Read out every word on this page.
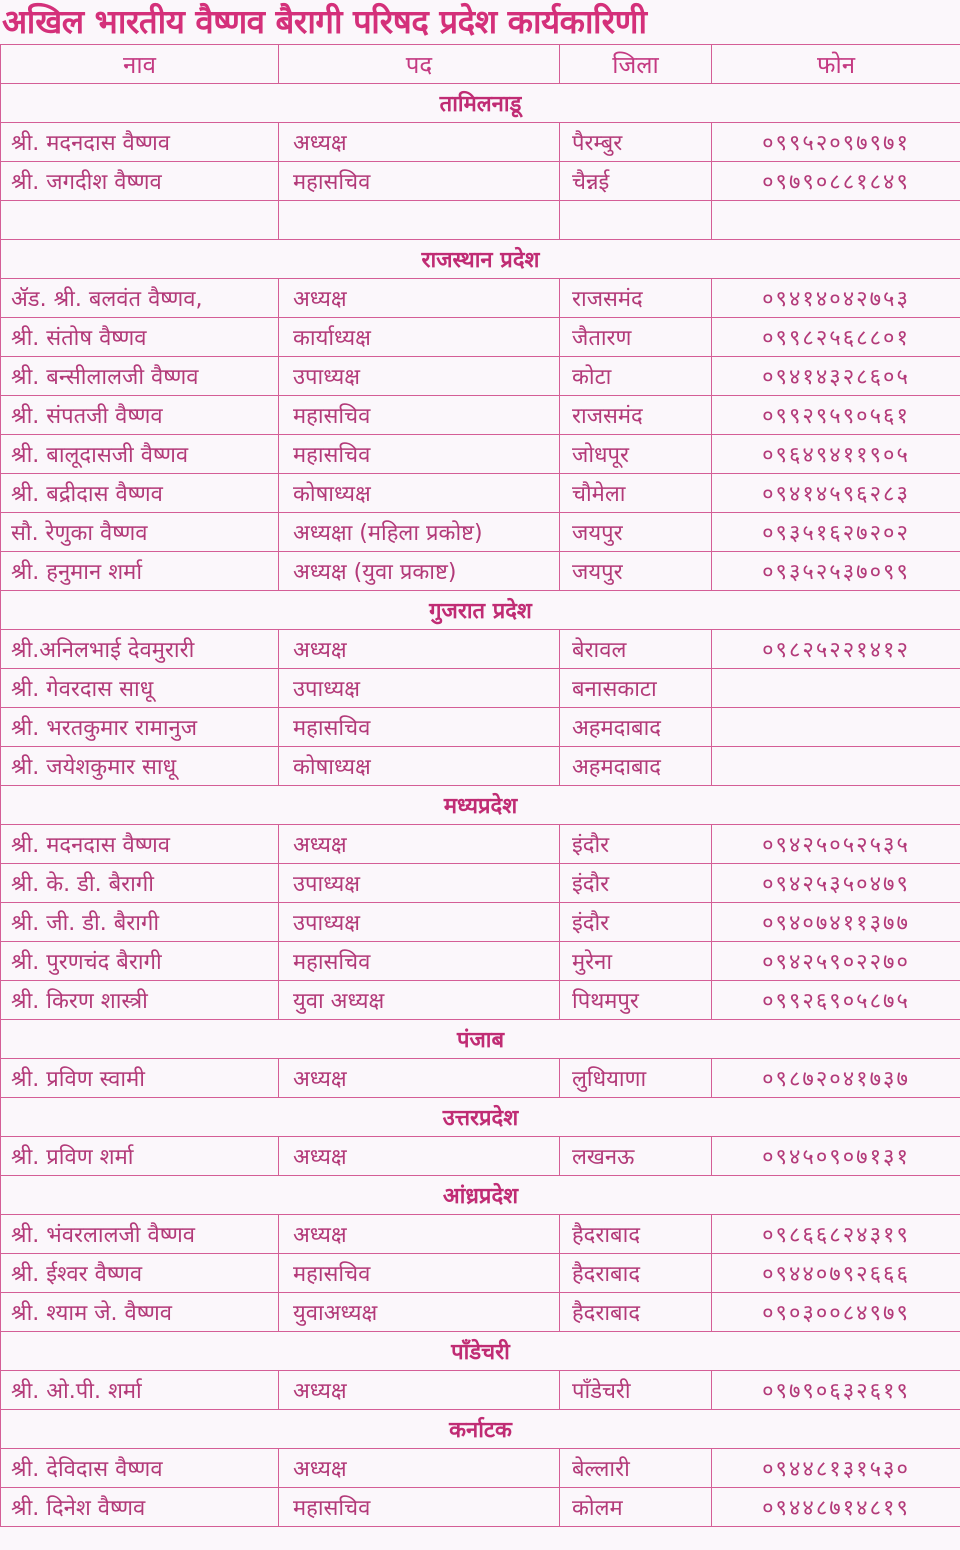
अखिल भारतीय वैष्णव बैरागी परिषद प्रदेश कार्यकारिणी
नाव	पद	जिला	फोन
तामिलनाडू			
श्री. मदनदास वैष्णव	अध्यक्ष	पैरम्बुर	०९९५२०९७९७१
श्री. जगदीश वैष्णव	महासचिव	चैन्नई	०९७९०८८१८४९

राजस्थान प्रदेश			
ॲड. श्री. बलवंत वैष्णव,	अध्यक्ष	राजसमंद	०९४१४०४२७५३
श्री. संतोष वैष्णव	कार्याध्यक्ष	जैतारण	०९९८२५६८८०१
श्री. बन्सीलालजी वैष्णव	उपाध्यक्ष	कोटा	०९४१४३२८६०५
श्री. संपतजी वैष्णव	महासचिव	राजसमंद	०९९२९५९०५६१
श्री. बालूदासजी वैष्णव	महासचिव	जोधपूर	०९६४९४११९०५
श्री. बद्रीदास वैष्णव	कोषाध्यक्ष	चौमेला	०९४१४५९६२८३
सौ. रेणुका वैष्णव	अध्यक्षा (महिला प्रकोष्ट)	जयपुर	०९३५१६२७२०२
श्री. हनुमान शर्मा	अध्यक्ष (युवा प्रकाष्ट)	जयपुर	०९३५२५३७०९९
गुजरात प्रदेश			
श्री.अनिलभाई देवमुरारी	अध्यक्ष	बेरावल	०९८२५२२१४१२
श्री. गेवरदास साधू	उपाध्यक्ष	बनासकाटा	
श्री. भरतकुमार रामानुज	महासचिव	अहमदाबाद	
श्री. जयेशकुमार साधू	कोषाध्यक्ष	अहमदाबाद	
मध्यप्रदेश			
श्री. मदनदास वैष्णव	अध्यक्ष	इंदौर	०९४२५०५२५३५
श्री. के. डी. बैरागी	उपाध्यक्ष	इंदौर	०९४२५३५०४७९
श्री. जी. डी. बैरागी	उपाध्यक्ष	इंदौर	०९४०७४११३७७
श्री. पुरणचंद बैरागी	महासचिव	मुरेना	०९४२५९०२२७०
श्री. किरण शास्त्री	युवा अध्यक्ष	पिथमपुर	०९९२६९०५८७५
पंजाब			
श्री. प्रविण स्वामी	अध्यक्ष	लुधियाणा	०९८७२०४१७३७
उत्तरप्रदेश			
श्री. प्रविण शर्मा	अध्यक्ष	लखनऊ	०९४५०९०७१३१
आंध्रप्रदेश			
श्री. भंवरलालजी वैष्णव	अध्यक्ष	हैदराबाद	०९८६६८२४३१९
श्री. ईश्वर वैष्णव	महासचिव	हैदराबाद	०९४४०७९२६६६
श्री. श्याम जे. वैष्णव	युवाअध्यक्ष	हैदराबाद	०९०३००८४९७९
पॉंडेचरी			
श्री. ओ.पी. शर्मा	अध्यक्ष	पॉंडेचरी	०९७९०६३२६१९
कर्नाटक			
श्री. देविदास वैष्णव	अध्यक्ष	बेल्लारी	०९४४८१३१५३०
श्री. दिनेश वैष्णव	महासचिव	कोलम	०९४४८७१४८१९
